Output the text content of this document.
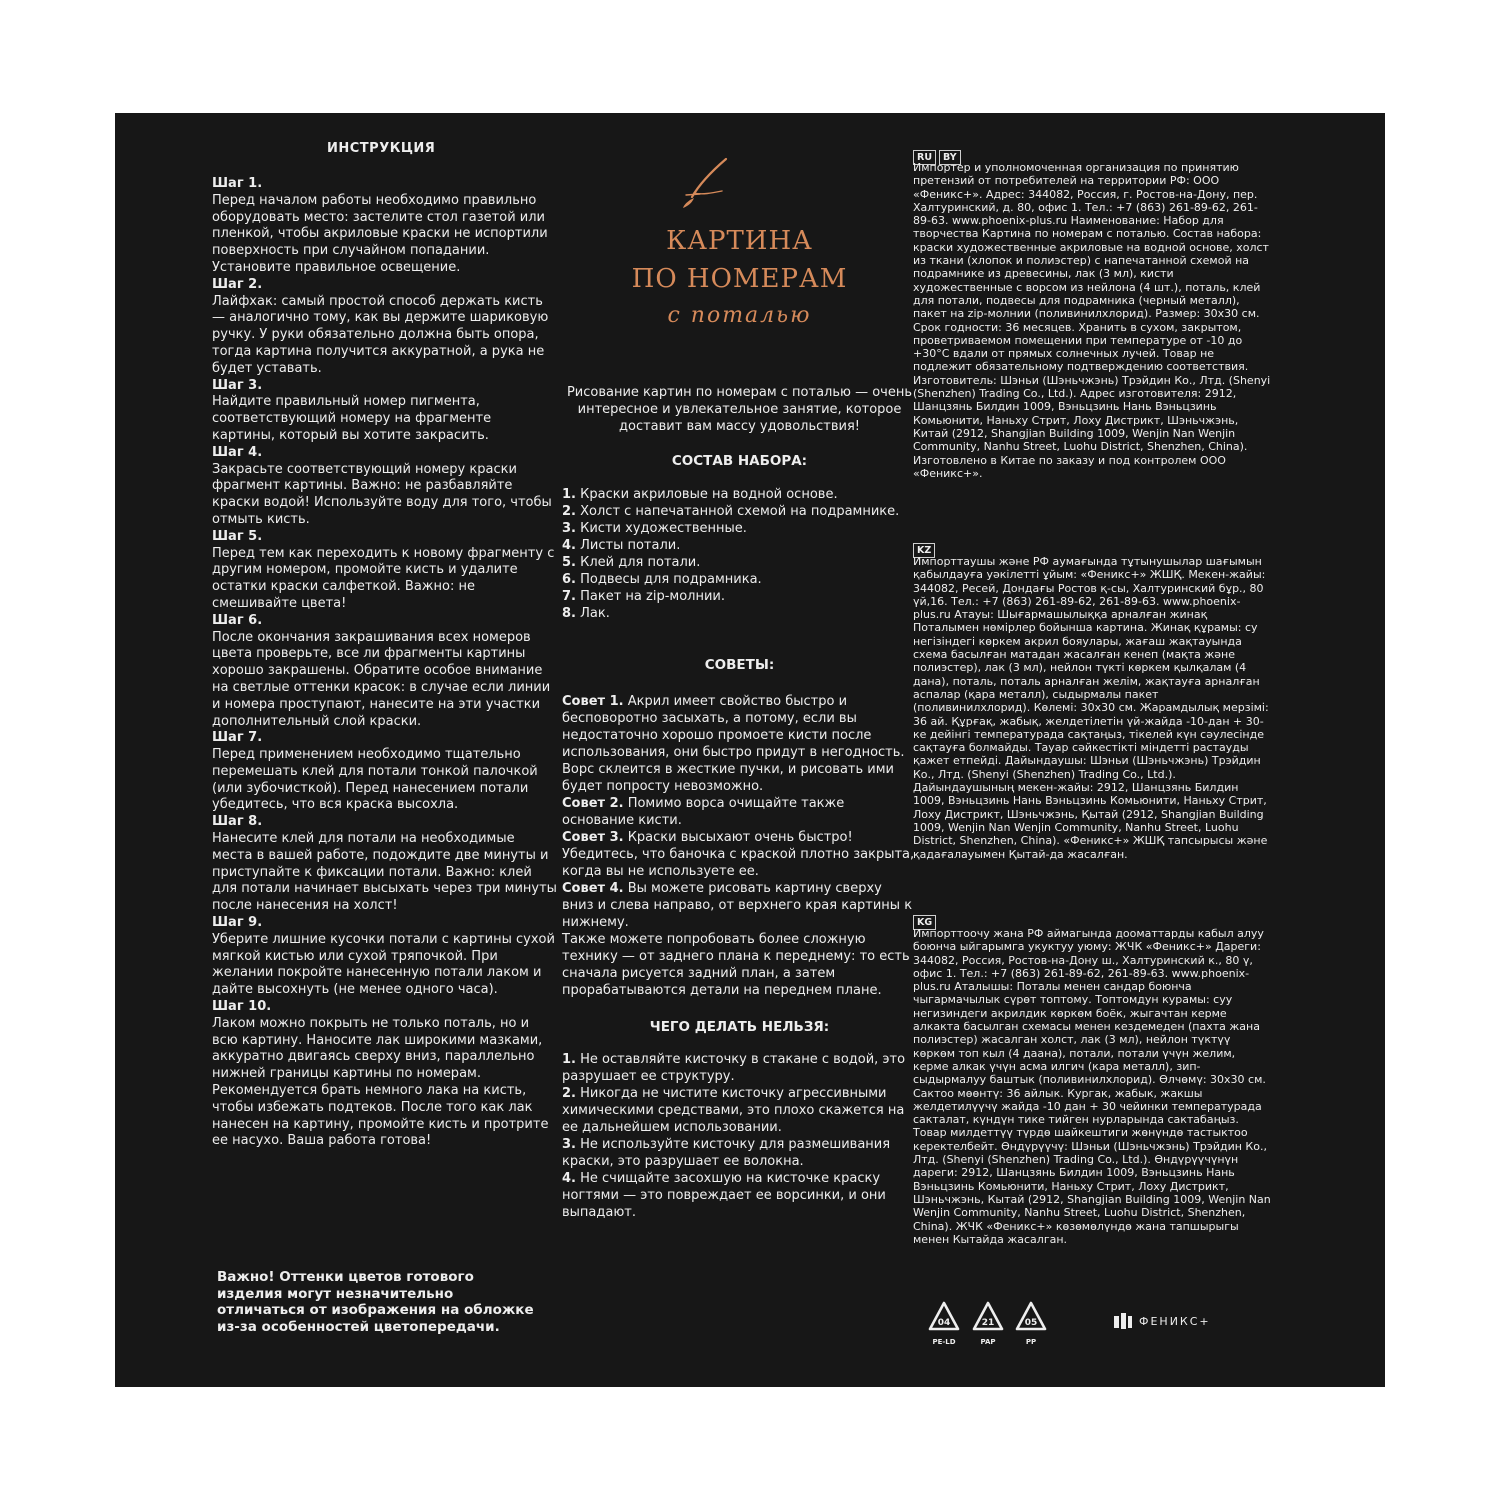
ИНСТРУКЦИЯ
Шаг 1.
Перед началом работы необходимо правильно оборудовать место: застелите стол газетой или пленкой, чтобы акриловые краски не испортили поверхность при случайном попадании. Установите правильное освещение.
Шаг 2.
Лайфхак: самый простой способ держать кисть — аналогично тому, как вы держите шариковую ручку. У руки обязательно должна быть опора, тогда картина получится аккуратной, а рука не будет уставать.
Шаг 3.
Найдите правильный номер пигмента, соответствующий номеру на фрагменте картины, который вы хотите закрасить.
Шаг 4.
Закрасьте соответствующий номеру краски фрагмент картины. Важно: не разбавляйте краски водой! Используйте воду для того, чтобы отмыть кисть.
Шаг 5.
Перед тем как переходить к новому фрагменту с другим номером, промойте кисть и удалите остатки краски салфеткой. Важно: не смешивайте цвета!
Шаг 6.
После окончания закрашивания всех номеров цвета проверьте, все ли фрагменты картины хорошо закрашены. Обратите особое внимание на светлые оттенки красок: в случае если линии и номера проступают, нанесите на эти участки дополнительный слой краски.
Шаг 7.
Перед применением необходимо тщательно перемешать клей для потали тонкой палочкой (или зубочисткой). Перед нанесением потали убедитесь, что вся краска высохла.
Шаг 8.
Нанесите клей для потали на необходимые места в вашей работе, подождите две минуты и приступайте к фиксации потали. Важно: клей для потали начинает высыхать через три минуты после нанесения на холст!
Шаг 9.
Уберите лишние кусочки потали с картины сухой мягкой кистью или сухой тряпочкой. При желании покройте нанесенную потали лаком и дайте высохнуть (не менее одного часа).
Шаг 10.
Лаком можно покрыть не только поталь, но и всю картину. Наносите лак широкими мазками, аккуратно двигаясь сверху вниз, параллельно нижней границы картины по номерам. Рекомендуется брать немного лака на кисть, чтобы избежать подтеков. После того как лак нанесен на картину, промойте кисть и протрите ее насухо. Ваша работа готова!
Важно! Оттенки цветов готового изделия могут незначительно отличаться от изображения на обложке из-за особенностей цветопередачи.
КАРТИНА
ПО НОМЕРАМ
с поталью
Рисование картин по номерам с поталью — очень интересное и увлекательное занятие, которое доставит вам массу удовольствия!
СОСТАВ НАБОРА:
1. Краски акриловые на водной основе.
2. Холст с напечатанной схемой на подрамнике.
3. Кисти художественные.
4. Листы потали.
5. Клей для потали.
6. Подвесы для подрамника.
7. Пакет на zip-молнии.
8. Лак.
СОВЕТЫ:
Совет 1. Акрил имеет свойство быстро и бесповоротно засыхать, а потому, если вы недостаточно хорошо промоете кисти после использования, они быстро придут в негодность. Ворс склеится в жесткие пучки, и рисовать ими будет попросту невозможно.
Совет 2. Помимо ворса очищайте также основание кисти.
Совет 3. Краски высыхают очень быстро! Убедитесь, что баночка с краской плотно закрыта, когда вы не используете ее.
Совет 4. Вы можете рисовать картину сверху вниз и слева направо, от верхнего края картины к нижнему.
Также можете попробовать более сложную технику — от заднего плана к переднему: то есть сначала рисуется задний план, а затем прорабатываются детали на переднем плане.
ЧЕГО ДЕЛАТЬ НЕЛЬЗЯ:
1. Не оставляйте кисточку в стакане с водой, это разрушает ее структуру.
2. Никогда не чистите кисточку агрессивными химическими средствами, это плохо скажется на ее дальнейшем использовании.
3. Не используйте кисточку для размешивания краски, это разрушает ее волокна.
4. Не счищайте засохшую на кисточке краску ногтями — это повреждает ее ворсинки, и они выпадают.
RU BY
Импортер и уполномоченная организация по принятию претензий от потребителей на территории РФ: ООО «Феникс+». Адрес: 344082, Россия, г. Ростов-на-Дону, пер. Халтуринский, д. 80, офис 1. Тел.: +7 (863) 261-89-62, 261-89-63. www.phoenix-plus.ru Наименование: Набор для творчества Картина по номерам с поталью. Состав набора: краски художественные акриловые на водной основе, холст из ткани (хлопок и полиэстер) с напечатанной схемой на подрамнике из древесины, лак (3 мл), кисти художественные с ворсом из нейлона (4 шт.), поталь, клей для потали, подвесы для подрамника (черный металл), пакет на zip-молнии (поливинилхлорид). Размер: 30х30 см. Срок годности: 36 месяцев. Хранить в сухом, закрытом, проветриваемом помещении при температуре от -10 до +30°С вдали от прямых солнечных лучей. Товар не подлежит обязательному подтверждению соответствия. Изготовитель: Шэньи (Шэньчжэнь) Трэйдин Ко., Лтд. (Shenyi (Shenzhen) Trading Co., Ltd.). Адрес изготовителя: 2912, Шанцзянь Билдин 1009, Вэньцзинь Нань Вэньцзинь Комьюнити, Наньху Стрит, Лоху Дистрикт, Шэньчжэнь, Китай (2912, Shangjian Building 1009, Wenjin Nan Wenjin Community, Nanhu Street, Luohu District, Shenzhen, China). Изготовлено в Китае по заказу и под контролем ООО «Феникс+».
KZ
Импорттаушы және РФ аумағында тұтынушылар шағымын қабылдауға уәкілетті ұйым: «Феникс+» ЖШҚ. Мекен-жайы: 344082, Ресей, Дондағы Ростов қ-сы, Халтуринский бұр., 80 үй,16. Тел.: +7 (863) 261-89-62, 261-89-63. www.phoenix-plus.ru Атауы: Шығармашылыққа арналған жинақ Поталымен нөмірлер бойынша картина. Жинақ құрамы: су негізіндегі көркем акрил бояулары, жағаш жақтауында схема басылған матадан жасалған кенеп (мақта және полиэстер), лак (3 мл), нейлон түкті көркем қылқалам (4 дана), поталь, поталь арналған желім, жақтауға арналған аспалар (қара металл), сыдырмалы пакет (поливинилхлорид). Көлемі: 30х30 см. Жарамдылық мерзімі: 36 ай. Құрғақ, жабық, желдетілетін үй-жайда -10-дан + 30-ке дейінгі температурада сақтаңыз, тікелей күн сәулесінде сақтауға болмайды. Тауар сәйкестікті міндетті растауды қажет етпейді. Дайындаушы: Шэньи (Шэньчжэнь) Трэйдин Ко., Лтд. (Shenyi (Shenzhen) Trading Co., Ltd.). Дайындаушының мекен-жайы: 2912, Шанцзянь Билдин 1009, Вэньцзинь Нань Вэньцзинь Комьюнити, Наньху Стрит, Лоху Дистрикт, Шэньчжэнь, Қытай (2912, Shangjian Building 1009, Wenjin Nan Wenjin Community, Nanhu Street, Luohu District, Shenzhen, China). «Феникс+» ЖШҚ тапсырысы және қадағалауымен Қытай-да жасалған.
KG
Импорттоочу жана РФ аймагында дооматтарды кабыл алуу боюнча ыйгарымга укуктуу уюму: ЖЧК «Феникс+» Дареги: 344082, Россия, Ростов-на-Дону ш., Халтуринский к., 80 ү, офис 1. Тел.: +7 (863) 261-89-62, 261-89-63. www.phoenix-plus.ru Аталышы: Поталы менен сандар боюнча чыгармачылык сүрөт топтому. Топтомдун курамы: суу негизиндеги акрилдик көркөм боёк, жыгачтан керме алкакта басылган схемасы менен кездемеден (пахта жана полиэстер) жасалган холст, лак (3 мл), нейлон түктүү көркөм топ кыл (4 даана), потали, потали үчүн желим, керме алкак үчүн асма илгич (кара металл), зип-сыдырмалуу баштык (поливинилхлорид). Өлчөмү: 30х30 см. Сактоо мөөнтү: 36 айлык. Кургак, жабык, жакшы желдетилүүчү жайда -10 дан + 30 чейинки температурада сакталат, күндүн тике тийген нурларында сактабаңыз. Товар милдеттүү түрдө шайкештиги жөнүндө тастыктоо керектелбейт. Өндүрүүчү: Шэньи (Шэньчжэнь) Трэйдин Ко., Лтд. (Shenyi (Shenzhen) Trading Co., Ltd.). Өндүрүүчүнүн дареги: 2912, Шанцзянь Билдин 1009, Вэньцзинь Нань Вэньцзинь Комьюнити, Наньху Стрит, Лоху Дистрикт, Шэньчжэнь, Кытай (2912, Shangjian Building 1009, Wenjin Nan Wenjin Community, Nanhu Street, Luohu District, Shenzhen, China). ЖЧК «Феникс+» көзөмөлүндө жана тапшырыгы менен Кытайда жасалган.
04
PE-LD
21
PAP
05
PP
ФЕНИКС+
